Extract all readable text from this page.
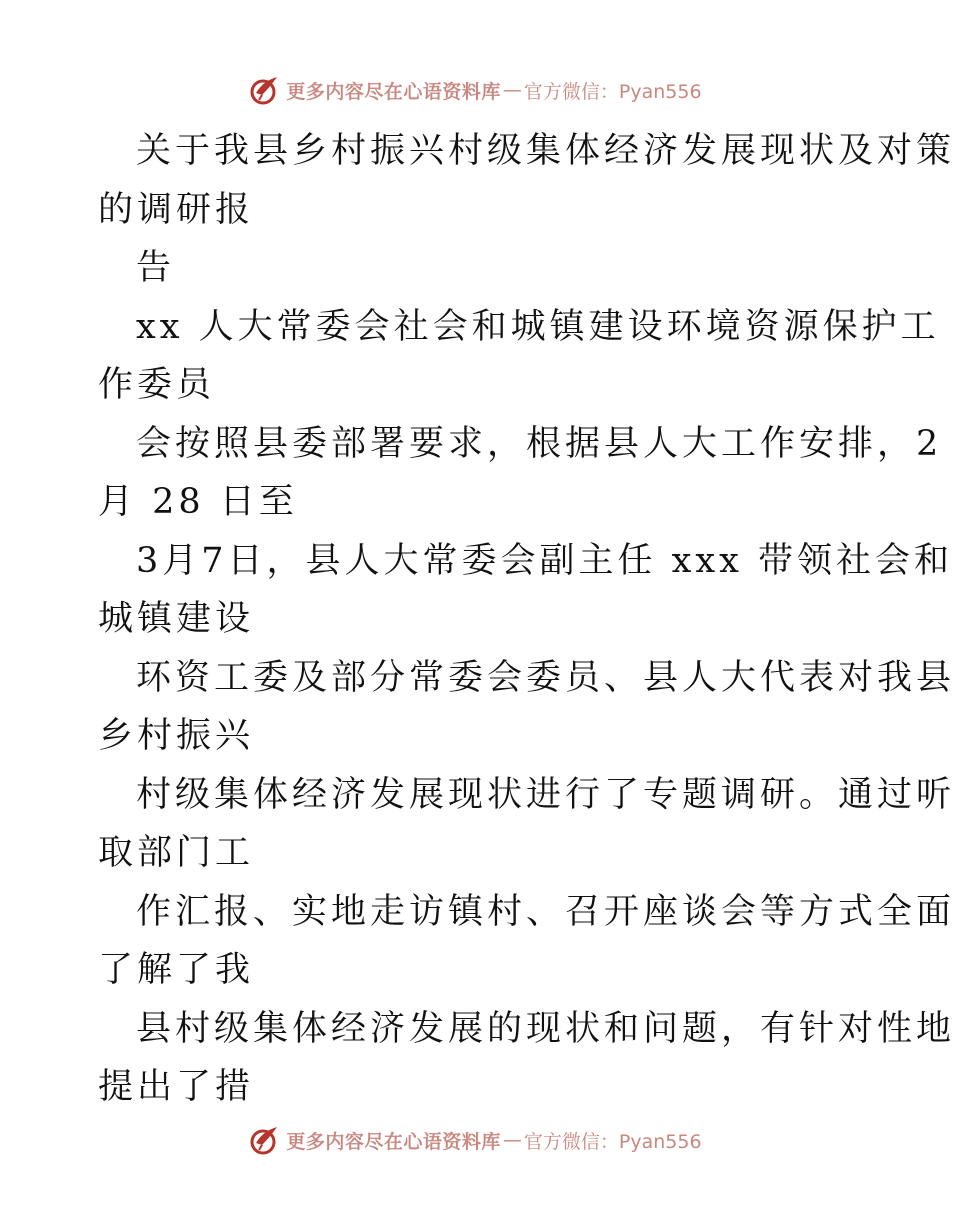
更多内容尽在心语资料库 — 官方微信：Pyan556
关于我县乡村振兴村级集体经济发展现状及对策
的调研报
告
xx 人大常委会社会和城镇建设环境资源保护工
作委员
会按照县委部署要求，根据县人大工作安排，2
月 28 日至
3月7日，县人大常委会副主任 xxx 带领社会和
城镇建设
环资工委及部分常委会委员、县人大代表对我县
乡村振兴
村级集体经济发展现状进行了专题调研。通过听
取部门工
作汇报、实地走访镇村、召开座谈会等方式全面
了解了我
县村级集体经济发展的现状和问题，有针对性地
提出了措
更多内容尽在心语资料库 — 官方微信：Pyan556
